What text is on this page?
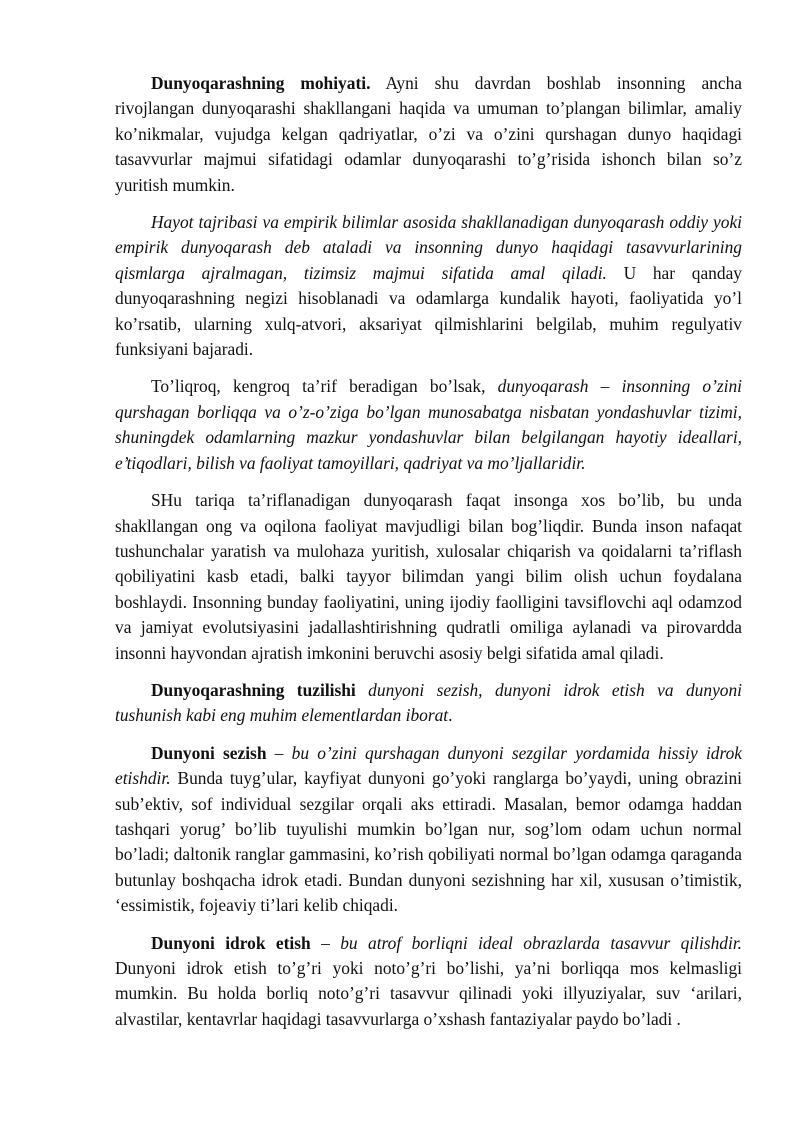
Dunyoqarashning mohiyati. Ayni shu davrdan boshlab insonning ancha rivojlangan dunyoqarashi shakllangani haqida va umuman to’plangan bilimlar, amaliy ko’nikmalar, vujudga kelgan qadriyatlar, o’zi va o’zini qurshagan dunyo haqidagi tasavvurlar majmui sifatidagi odamlar dunyoqarashi to’g’risida ishonch bilan so’z yuritish mumkin.

Hayot tajribasi va empirik bilimlar asosida shakllanadigan dunyoqarash oddiy yoki empirik dunyoqarash deb ataladi va insonning dunyo haqidagi tasavvurlarining qismlarga ajralmagan, tizimsiz majmui sifatida amal qiladi. U har qanday dunyoqarashning negizi hisoblanadi va odamlarga kundalik hayoti, faoliyatida yo’l ko’rsatib, ularning xulq-atvori, aksariyat qilmishlarini belgilab, muhim regulyativ funksiyani bajaradi.

To’liqroq, kengroq ta’rif beradigan bo’lsak, dunyoqarash – insonning o’zini qurshagan borliqqa va o’z-o’ziga bo’lgan munosabatga nisbatan yondashuvlar tizimi, shuningdek odamlarning mazkur yondashuvlar bilan belgilangan hayotiy ideallari, e’tiqodlari, bilish va faoliyat tamoyillari, qadriyat va mo’ljallaridir.

SHu tariqa ta’riflanadigan dunyoqarash faqat insonga xos bo’lib, bu unda shakllangan ong va oqilona faoliyat mavjudligi bilan bog’liqdir. Bunda inson nafaqat tushunchalar yaratish va mulohaza yuritish, xulosalar chiqarish va qoidalarni ta’riflash qobiliyatini kasb etadi, balki tayyor bilimdan yangi bilim olish uchun foydalana boshlaydi. Insonning bunday faoliyatini, uning ijodiy faolligini tavsiflovchi aql odamzod va jamiyat evolutsiyasini jadallashtirishning qudratli omiliga aylanadi va pirovardda insonni hayvondan ajratish imkonini beruvchi asosiy belgi sifatida amal qiladi.

Dunyoqarashning tuzilishi dunyoni sezish, dunyoni idrok etish va dunyoni tushunish kabi eng muhim elementlardan iborat.

Dunyoni sezish – bu o’zini qurshagan dunyoni sezgilar yordamida hissiy idrok etishdir. Bunda tuyg’ular, kayfiyat dunyoni go’yoki ranglarga bo’yaydi, uning obrazini sub’ektiv, sof individual sezgilar orqali aks ettiradi. Masalan, bemor odamga haddan tashqari yorug’ bo’lib tuyulishi mumkin bo’lgan nur, sog’lom odam uchun normal bo’ladi; daltonik ranglar gammasini, ko’rish qobiliyati normal bo’lgan odamga qaraganda butunlay boshqacha idrok etadi. Bundan dunyoni sezishning har xil, xususan o’timistik, ‘essimistik, fojeaviy ti’lari kelib chiqadi.

Dunyoni idrok etish – bu atrof borliqni ideal obrazlarda tasavvur qilishdir. Dunyoni idrok etish to’g’ri yoki noto’g’ri bo’lishi, ya’ni borliqqa mos kelmasligi mumkin. Bu holda borliq noto’g’ri tasavvur qilinadi yoki illyuziyalar, suv ‘arilari, alvastilar, kentavrlar haqidagi tasavvurlarga o’xshash fantaziyalar paydo bo’ladi .
